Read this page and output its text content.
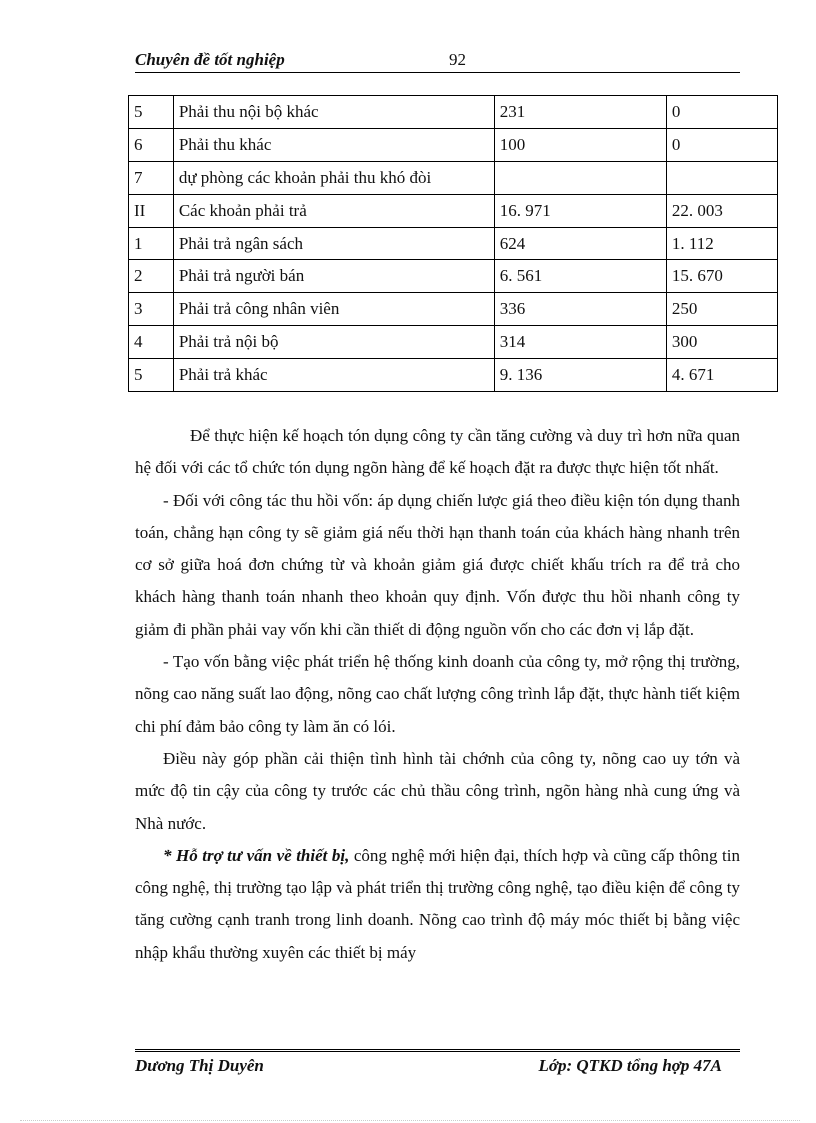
Chuyên đề tốt nghiệp	92
5	Phải thu nội bộ khác	231	0
6	Phải thu khác	100	0
7	dự phòng các khoản phải thu khó đòi		
II	Các khoản phải trả	16. 971	22. 003
1	Phải trả ngân sách	624	1. 112
2	Phải trả người bán	6. 561	15. 670
3	Phải trả công nhân viên	336	250
4	Phải trả nội bộ	314	300
5	Phải trả khác	9. 136	4. 671

Để thực hiện kế hoạch tón dụng công ty cần tăng cường và duy trì hơn nữa quan hệ đối với các tổ chức tón dụng ngõn hàng để kế hoạch đặt ra được thực hiện tốt nhất.

- Đối với công tác thu hồi vốn: áp dụng chiến lược giá theo điều kiện tón dụng thanh toán, chẳng hạn công ty sẽ giảm giá nếu thời hạn thanh toán của khách hàng nhanh trên cơ sở giữa hoá đơn chứng từ và khoản giảm giá được chiết khấu trích ra để trả cho khách hàng thanh toán nhanh theo khoản quy định. Vốn được thu hồi nhanh công ty giảm đi phần phải vay vốn khi cần thiết di động nguồn vốn cho các đơn vị lắp đặt.

- Tạo vốn bằng việc phát triển hệ thống kinh doanh của công ty, mở rộng thị trường, nõng cao năng suất lao động, nõng cao chất lượng công trình lắp đặt, thực hành tiết kiệm chi phí đảm bảo công ty làm ăn có lói.

Điều này góp phần cải thiện tình hình tài chớnh của công ty, nõng cao uy tớn và mức độ tin cậy của công ty trước các chủ thầu công trình, ngõn hàng nhà cung ứng và Nhà nước.

* Hỗ trợ tư vấn về thiết bị, công nghệ mới hiện đại, thích hợp và cũng cấp thông tin công nghệ, thị trường tạo lập và phát triển thị trường công nghệ, tạo điều kiện để công ty tăng cường cạnh tranh trong linh doanh. Nõng cao trình độ máy móc thiết bị bằng việc nhập khẩu thường xuyên các thiết bị máy

Dương Thị Duyên	Lớp: QTKD tổng hợp 47A
